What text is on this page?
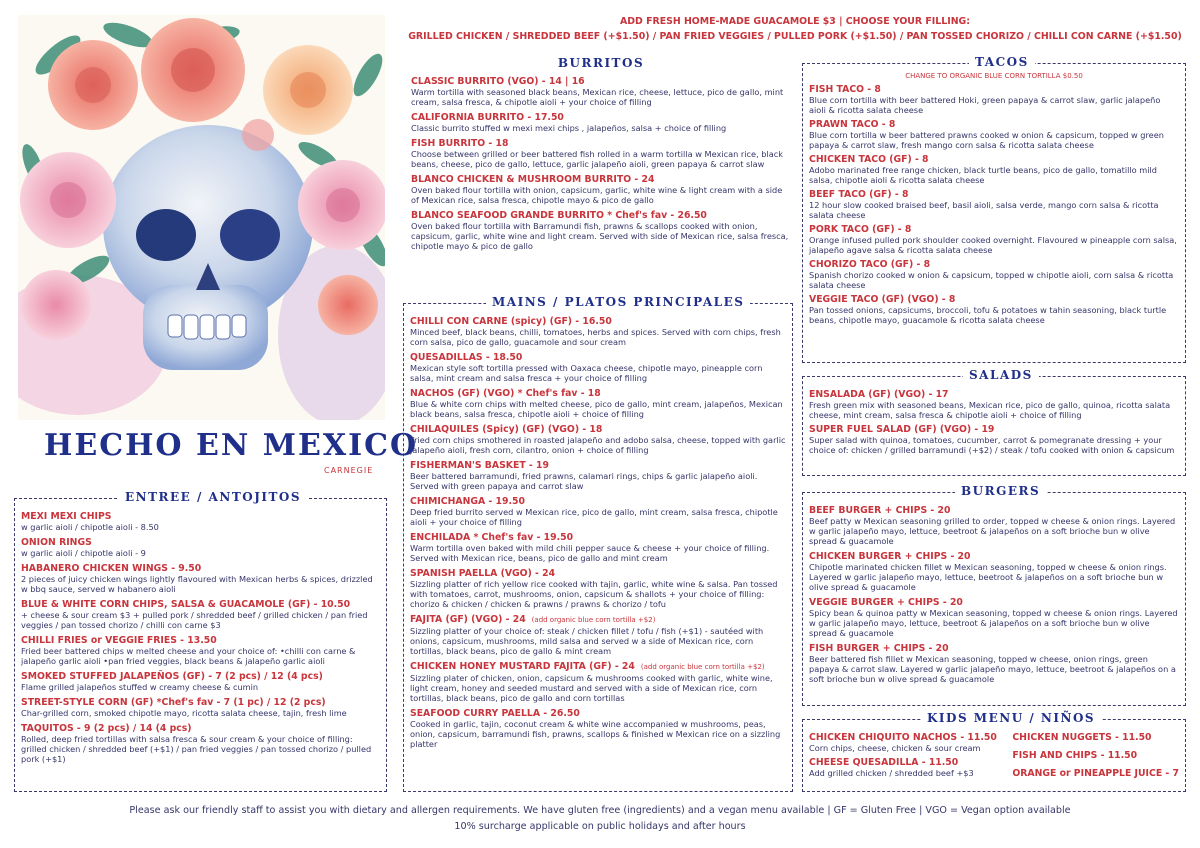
HECHO EN MEXICO
CARNEGIE
ADD FRESH HOME-MADE GUACAMOLE $3 | CHOOSE YOUR FILLING:
GRILLED CHICKEN / SHREDDED BEEF (+$1.50) / PAN FRIED VEGGIES / PULLED PORK (+$1.50) / PAN TOSSED CHORIZO / CHILLI CON CARNE (+$1.50)
ENTREE / ANTOJITOS
MEXI MEXI CHIPS
w garlic aioli / chipotle aioli - 8.50
ONION RINGS
w garlic aioli / chipotle aioli - 9
HABANERO CHICKEN WINGS - 9.50
2 pieces of juicy chicken wings lightly flavoured with Mexican herbs & spices, drizzled w bbq sauce, served w habanero aioli
BLUE & WHITE CORN CHIPS, SALSA & GUACAMOLE (GF) - 10.50
+ cheese & sour cream $3 + pulled pork / shredded beef / grilled chicken / pan fried veggies / pan tossed chorizo / chilli con carne $3
CHILLI FRIES or VEGGIE FRIES - 13.50
Fried beer battered chips w melted cheese and your choice of: •chilli con carne & jalapeño garlic aioli •pan fried veggies, black beans & jalapeño garlic aioli
SMOKED STUFFED JALAPEÑOS (GF) - 7 (2 pcs) / 12 (4 pcs)
Flame grilled jalapeños stuffed w creamy cheese & cumin
STREET-STYLE CORN (GF) *Chef's fav - 7 (1 pc) / 12 (2 pcs)
Char-grilled corn, smoked chipotle mayo, ricotta salata cheese, tajin, fresh lime
TAQUITOS - 9 (2 pcs) / 14 (4 pcs)
Rolled, deep fried tortillas with salsa fresca & sour cream & your choice of filling: grilled chicken / shredded beef (+$1) / pan fried veggies / pan tossed chorizo / pulled pork (+$1)
BURRITOS
CLASSIC BURRITO (VGO) - 14 | 16
Warm tortilla with seasoned black beans, Mexican rice, cheese, lettuce, pico de gallo, mint cream, salsa fresca, & chipotle aioli + your choice of filling
CALIFORNIA BURRITO - 17.50
Classic burrito stuffed w mexi mexi chips , jalapeños, salsa + choice of filling
FISH BURRITO - 18
Choose between grilled or beer battered fish rolled in a warm tortilla w Mexican rice, black beans, cheese, pico de gallo, lettuce, garlic jalapeño aioli, green papaya & carrot slaw
BLANCO CHICKEN & MUSHROOM BURRITO - 24
Oven baked flour tortilla with onion, capsicum, garlic, white wine & light cream with a side of Mexican rice, salsa fresca, chipotle mayo & pico de gallo
BLANCO SEAFOOD GRANDE BURRITO * Chef's fav - 26.50
Oven baked flour tortilla with Barramundi fish, prawns & scallops cooked with onion, capsicum, garlic, white wine and light cream. Served with side of Mexican rice, salsa fresca, chipotle mayo & pico de gallo
MAINS / PLATOS PRINCIPALES
CHILLI CON CARNE (spicy) (GF) - 16.50
Minced beef, black beans, chilli, tomatoes, herbs and spices. Served with corn chips, fresh corn salsa, pico de gallo, guacamole and sour cream
QUESADILLAS - 18.50
Mexican style soft tortilla pressed with Oaxaca cheese, chipotle mayo, pineapple corn salsa, mint cream and salsa fresca + your choice of filling
NACHOS (GF) (VGO) * Chef's fav - 18
Blue & white corn chips with melted cheese, pico de gallo, mint cream, jalapeños, Mexican black beans, salsa fresca, chipotle aioli + choice of filling
CHILAQUILES (Spicy) (GF) (VGO) - 18
Fried corn chips smothered in roasted jalapeño and adobo salsa, cheese, topped with garlic jalapeño aioli, fresh corn, cilantro, onion + choice of filling
FISHERMAN'S BASKET - 19
Beer battered barramundi, fried prawns, calamari rings, chips & garlic jalapeño aioli. Served with green papaya and carrot slaw
CHIMICHANGA - 19.50
Deep fried burrito served w Mexican rice, pico de gallo, mint cream, salsa fresca, chipotle aioli + your choice of filling
ENCHILADA * Chef's fav - 19.50
Warm tortilla oven baked with mild chili pepper sauce & cheese + your choice of filling. Served with Mexican rice, beans, pico de gallo and mint cream
SPANISH PAELLA (VGO) - 24
Sizzling platter of rich yellow rice cooked with tajin, garlic, white wine & salsa. Pan tossed with tomatoes, carrot, mushrooms, onion, capsicum & shallots + your choice of filling: chorizo & chicken / chicken & prawns / prawns & chorizo / tofu
FAJITA (GF) (VGO) - 24 (add organic blue corn tortilla +$2)
Sizzling platter of your choice of: steak / chicken fillet / tofu / fish (+$1) - sautéed with onions, capsicum, mushrooms, mild salsa and served w a side of Mexican rice, corn tortillas, black beans, pico de gallo & mint cream
CHICKEN HONEY MUSTARD FAJITA (GF) - 24 (add organic blue corn tortilla +$2)
Sizzling plater of chicken, onion, capsicum & mushrooms cooked with garlic, white wine, light cream, honey and seeded mustard and served with a side of Mexican rice, corn tortillas, black beans, pico de gallo and corn tortillas
SEAFOOD CURRY PAELLA - 26.50
Cooked in garlic, tajin, coconut cream & white wine accompanied w mushrooms, peas, onion, capsicum, barramundi fish, prawns, scallops & finished w Mexican rice on a sizzling platter
TACOS
CHANGE TO ORGANIC BLUE CORN TORTILLA $0.50
FISH TACO - 8
Blue corn tortilla with beer battered Hoki, green papaya & carrot slaw, garlic jalapeño aioli & ricotta salata cheese
PRAWN TACO - 8
Blue corn tortilla w beer battered prawns cooked w onion & capsicum, topped w green papaya & carrot slaw, fresh mango corn salsa & ricotta salata cheese
CHICKEN TACO (GF) - 8
Adobo marinated free range chicken, black turtle beans, pico de gallo, tomatillo mild salsa, chipotle aioli & ricotta salata cheese
BEEF TACO (GF) - 8
12 hour slow cooked braised beef, basil aioli, salsa verde, mango corn salsa & ricotta salata cheese
PORK TACO (GF) - 8
Orange infused pulled pork shoulder cooked overnight. Flavoured w pineapple corn salsa, jalapeño agave salsa & ricotta salata cheese
CHORIZO TACO (GF) - 8
Spanish chorizo cooked w onion & capsicum, topped w chipotle aioli, corn salsa & ricotta salata cheese
VEGGIE TACO (GF) (VGO) - 8
Pan tossed onions, capsicums, broccoli, tofu & potatoes w tahin seasoning, black turtle beans, chipotle mayo, guacamole & ricotta salata cheese
SALADS
ENSALADA (GF) (VGO) - 17
Fresh green mix with seasoned beans, Mexican rice, pico de gallo, quinoa, ricotta salata cheese, mint cream, salsa fresca & chipotle aioli + choice of filling
SUPER FUEL SALAD (GF) (VGO) - 19
Super salad with quinoa, tomatoes, cucumber, carrot & pomegranate dressing + your choice of: chicken / grilled barramundi (+$2) / steak / tofu cooked with onion & capsicum
BURGERS
BEEF BURGER + CHIPS - 20
Beef patty w Mexican seasoning grilled to order, topped w cheese & onion rings. Layered w garlic jalapeño mayo, lettuce, beetroot & jalapeños on a soft brioche bun w olive spread & guacamole
CHICKEN BURGER + CHIPS - 20
Chipotle marinated chicken fillet w Mexican seasoning, topped w cheese & onion rings. Layered w garlic jalapeño mayo, lettuce, beetroot & jalapeños on a soft brioche bun w olive spread & guacamole
VEGGIE BURGER + CHIPS - 20
Spicy bean & quinoa patty w Mexican seasoning, topped w cheese & onion rings. Layered w garlic jalapeño mayo, lettuce, beetroot & jalapeños on a soft brioche bun w olive spread & guacamole
FISH BURGER + CHIPS - 20
Beer battered fish fillet w Mexican seasoning, topped w cheese, onion rings, green papaya & carrot slaw. Layered w garlic jalapeño mayo, lettuce, beetroot & jalapeños on a soft brioche bun w olive spread & guacamole
KIDS MENU / NIÑOS
CHICKEN CHIQUITO NACHOS - 11.50
Corn chips, cheese, chicken & sour cream
CHEESE QUESADILLA - 11.50
Add grilled chicken / shredded beef +$3
CHICKEN NUGGETS - 11.50
FISH AND CHIPS - 11.50
ORANGE or PINEAPPLE JUICE - 7
Please ask our friendly staff to assist you with dietary and allergen requirements. We have gluten free (ingredients) and a vegan menu available | GF = Gluten Free | VGO = Vegan option available
10% surcharge applicable on public holidays and after hours
